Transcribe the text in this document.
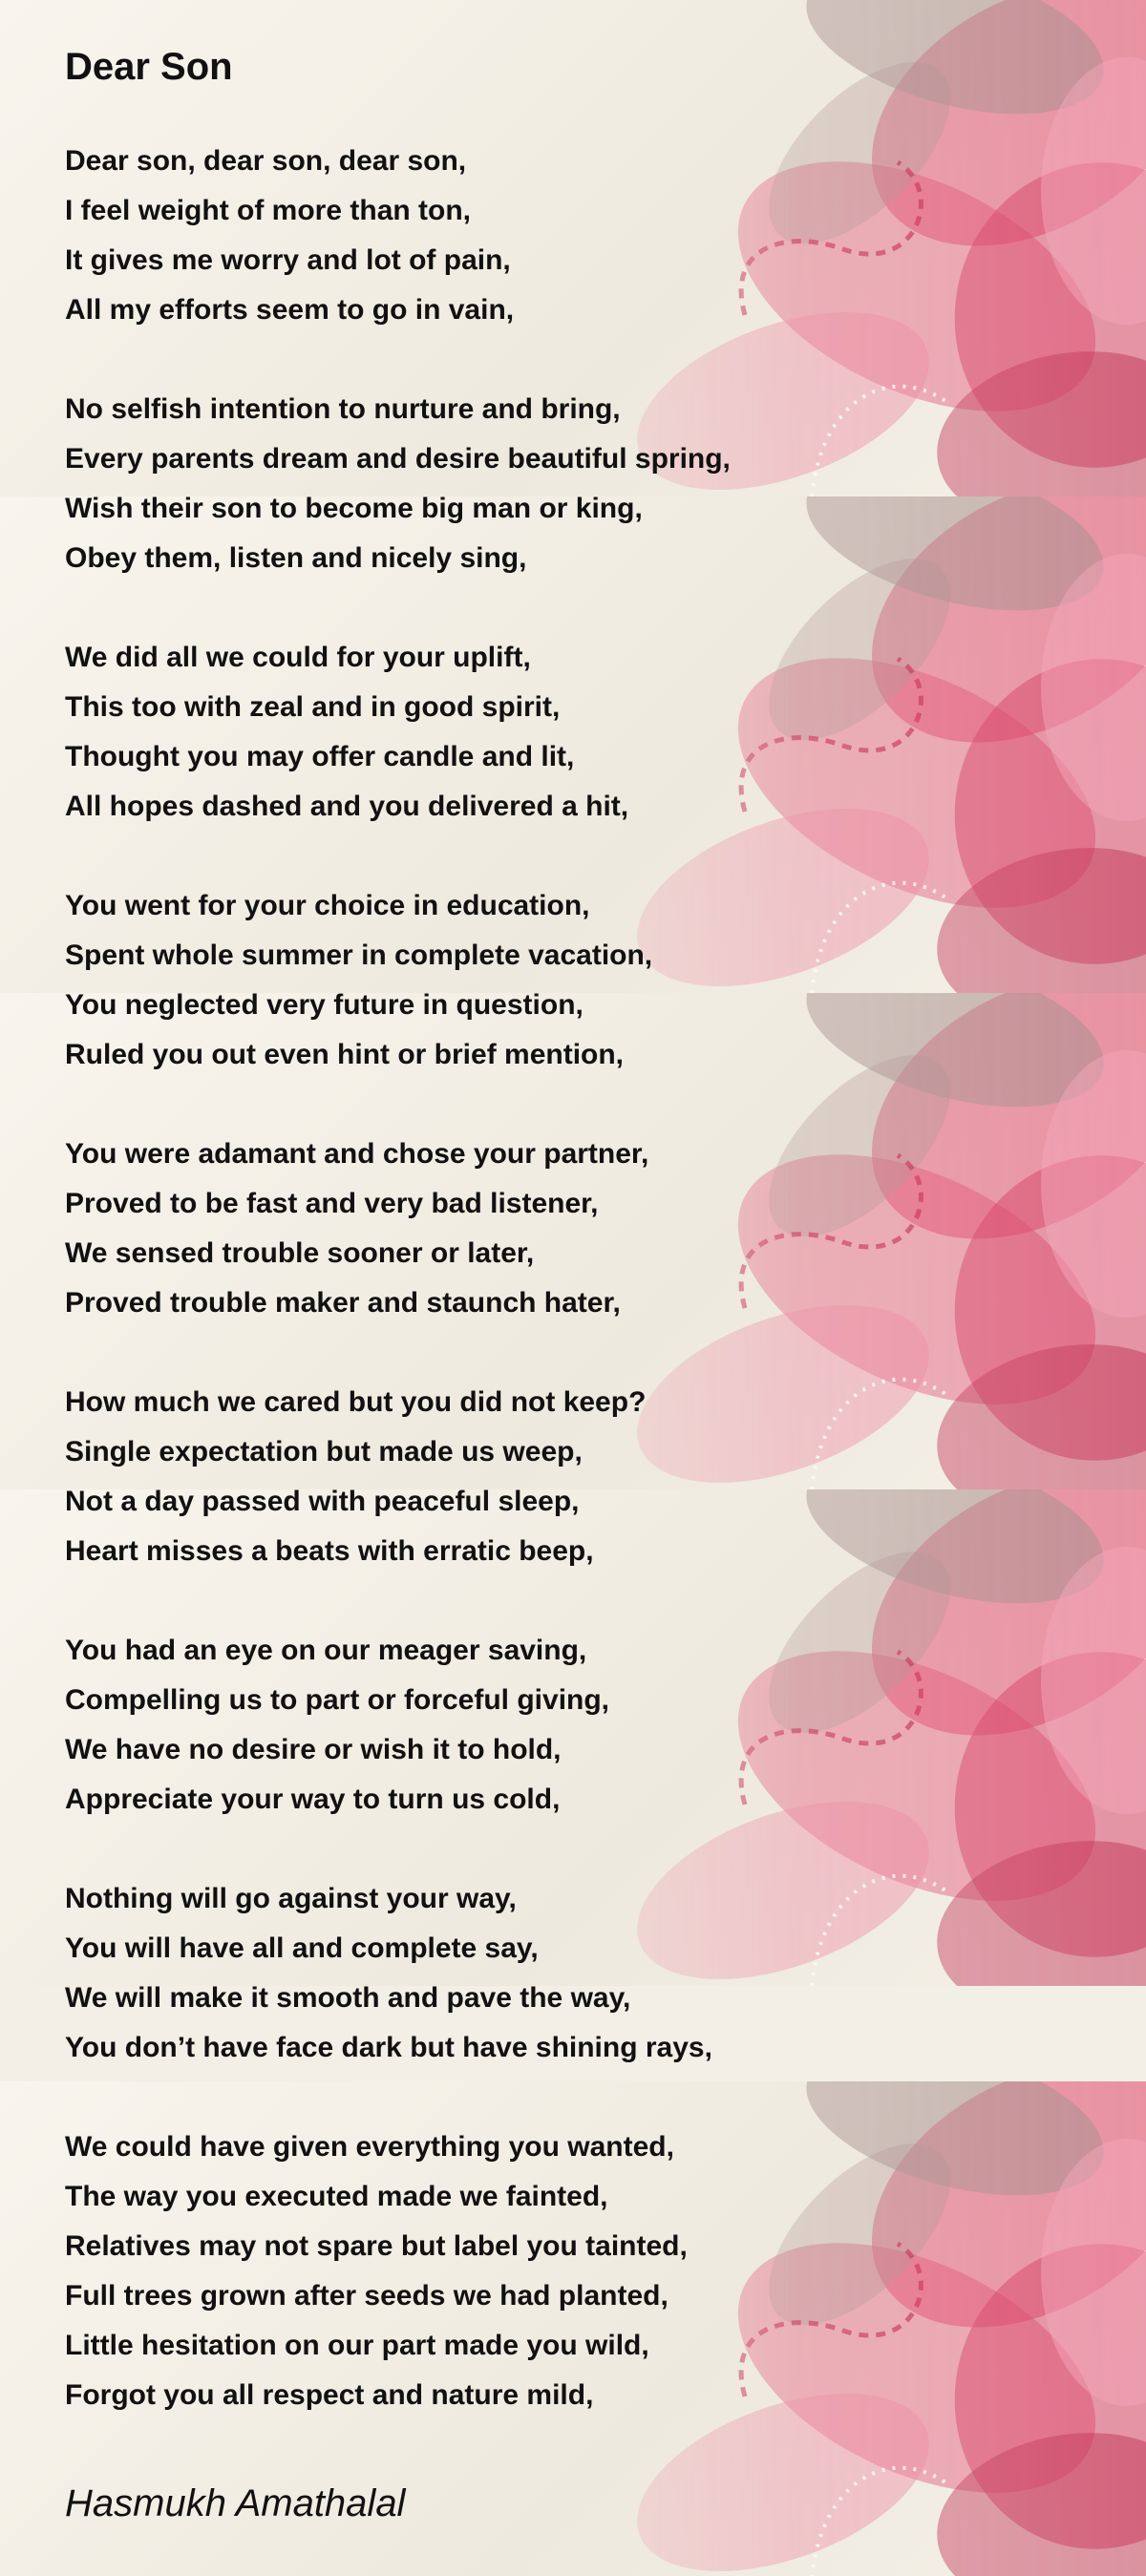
Dear Son
Dear son, dear son, dear son,
I feel weight of more than ton,
It gives me worry and lot of pain,
All my efforts seem to go in vain,
No selfish intention to nurture and bring,
Every parents dream and desire beautiful spring,
Wish their son to become big man or king,
Obey them, listen and nicely sing,
We did all we could for your uplift,
This too with zeal and in good spirit,
Thought you may offer candle and lit,
All hopes dashed and you delivered a hit,
You went for your choice in education,
Spent whole summer in complete vacation,
You neglected very future in question,
Ruled you out even hint or brief mention,
You were adamant and chose your partner,
Proved to be fast and very bad listener,
We sensed trouble sooner or later,
Proved trouble maker and staunch hater,
How much we cared but you did not keep?
Single expectation but made us weep,
Not a day passed with peaceful sleep,
Heart misses a beats with erratic beep,
You had an eye on our meager saving,
Compelling us to part or forceful giving,
We have no desire or wish it to hold,
Appreciate your way to turn us cold,
Nothing will go against your way,
You will have all and complete say,
We will make it smooth and pave the way,
You don’t have face dark but have shining rays,
We could have given everything you wanted,
The way you executed made we fainted,
Relatives may not spare but label you tainted,
Full trees grown after seeds we had planted,
Little hesitation on our part made you wild,
Forgot you all respect and nature mild,
Hasmukh Amathalal
